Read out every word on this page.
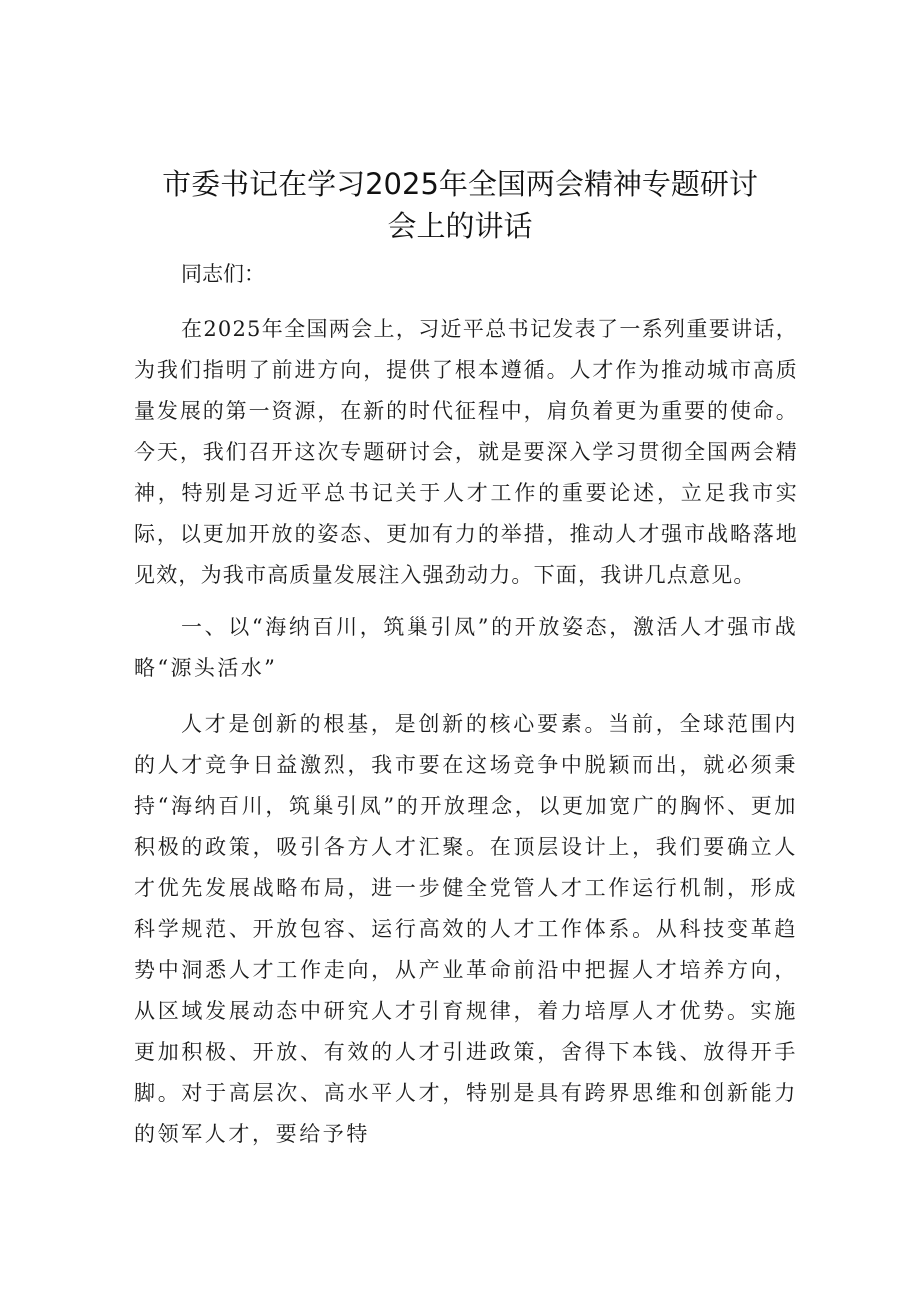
市委书记在学习2025年全国两会精神专题研讨
会上的讲话
同志们：

在2025年全国两会上，习近平总书记发表了一系列重要讲话，为我们指明了前进方向，提供了根本遵循。人才作为推动城市高质量发展的第一资源，在新的时代征程中，肩负着更为重要的使命。今天，我们召开这次专题研讨会，就是要深入学习贯彻全国两会精神，特别是习近平总书记关于人才工作的重要论述，立足我市实际，以更加开放的姿态、更加有力的举措，推动人才强市战略落地见效，为我市高质量发展注入强劲动力。下面，我讲几点意见。

一、以“海纳百川，筑巢引凤”的开放姿态，激活人才强市战略“源头活水”

人才是创新的根基，是创新的核心要素。当前，全球范围内的人才竞争日益激烈，我市要在这场竞争中脱颖而出，就必须秉持“海纳百川，筑巢引凤”的开放理念，以更加宽广的胸怀、更加积极的政策，吸引各方人才汇聚。在顶层设计上，我们要确立人才优先发展战略布局，进一步健全党管人才工作运行机制，形成科学规范、开放包容、运行高效的人才工作体系。从科技变革趋势中洞悉人才工作走向，从产业革命前沿中把握人才培养方向，从区域发展动态中研究人才引育规律，着力培厚人才优势。实施更加积极、开放、有效的人才引进政策，舍得下本钱、放得开手脚。对于高层次、高水平人才，特别是具有跨界思维和创新能力的领军人才，要给予特
